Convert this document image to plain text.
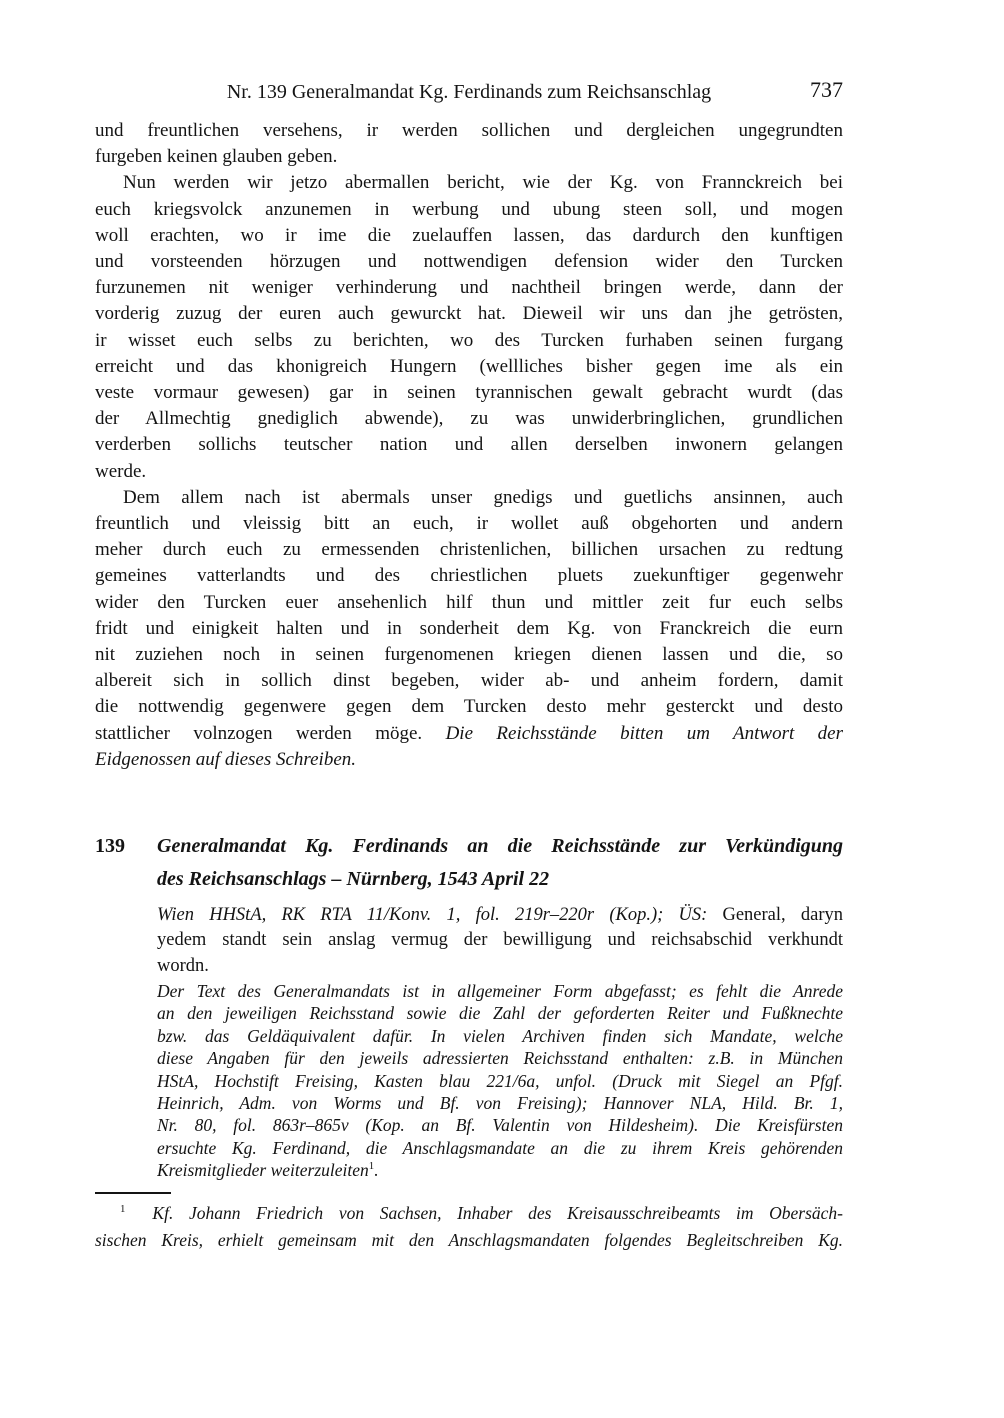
Nr. 139 Generalmandat Kg. Ferdinands zum Reichsanschlag	737
und freuntlichen versehens, ir werden sollichen und dergleichen ungegrundten
furgeben keinen glauben geben.
Nun werden wir jetzo abermallen bericht, wie der Kg. von Frannckreich bei
euch kriegsvolck anzunemen in werbung und ubung steen soll, und mogen
woll erachten, wo ir ime die zuelauffen lassen, das dardurch den kunftigen
und vorsteenden hörzugen und nottwendigen defension wider den Turcken
furzunemen nit weniger verhinderung und nachtheil bringen werde, dann der
vorderig zuzug der euren auch gewurckt hat. Dieweil wir uns dan jhe getrösten,
ir wisset euch selbs zu berichten, wo des Turcken furhaben seinen furgang
erreicht und das khonigreich Hungern (wellliches bisher gegen ime als ein
veste vormaur gewesen) gar in seinen tyrannischen gewalt gebracht wurdt (das
der Allmechtig gnediglich abwende), zu was unwiderbringlichen, grundlichen
verderben sollichs teutscher nation und allen derselben inwonern gelangen
werde.
Dem allem nach ist abermals unser gnedigs und guetlichs ansinnen, auch
freuntlich und vleissig bitt an euch, ir wollet auß obgehorten und andern
meher durch euch zu ermessenden christenlichen, billichen ursachen zu redtung
gemeines vatterlandts und des chriestlichen pluets zuekunftiger gegenwehr
wider den Turcken euer ansehenlich hilf thun und mittler zeit fur euch selbs
fridt und einigkeit halten und in sonderheit dem Kg. von Franckreich die eurn
nit zuziehen noch in seinen furgenomenen kriegen dienen lassen und die, so
albereit sich in sollich dinst begeben, wider ab- und anheim fordern, damit
die nottwendig gegenwere gegen dem Turcken desto mehr gesterckt und desto
stattlicher volnzogen werden möge. Die Reichsstände bitten um Antwort der
Eidgenossen auf dieses Schreiben.
139 Generalmandat Kg. Ferdinands an die Reichsstände zur Verkündigung
des Reichsanschlags – Nürnberg, 1543 April 22
Wien HHStA, RK RTA 11/Konv. 1, fol. 219r–220r (Kop.); ÜS: General, daryn
yedem standt sein anslag vermug der bewilligung und reichsabschid verkhundt
wordn.
Der Text des Generalmandats ist in allgemeiner Form abgefasst; es fehlt die Anrede
an den jeweiligen Reichsstand sowie die Zahl der geforderten Reiter und Fußknechte
bzw. das Geldäquivalent dafür. In vielen Archiven finden sich Mandate, welche
diese Angaben für den jeweils adressierten Reichsstand enthalten: z.B. in München
HStA, Hochstift Freising, Kasten blau 221/6a, unfol. (Druck mit Siegel an Pfgf.
Heinrich, Adm. von Worms und Bf. von Freising); Hannover NLA, Hild. Br. 1,
Nr. 80, fol. 863r–865v (Kop. an Bf. Valentin von Hildesheim). Die Kreisfürsten
ersuchte Kg. Ferdinand, die Anschlagsmandate an die zu ihrem Kreis gehörenden
Kreismitglieder weiterzuleiten$^1$.
$^1$ Kf. Johann Friedrich von Sachsen, Inhaber des Kreisausschreibeamts im Obersäch-
sischen Kreis, erhielt gemeinsam mit den Anschlagsmandaten folgendes Begleitschreiben Kg.
